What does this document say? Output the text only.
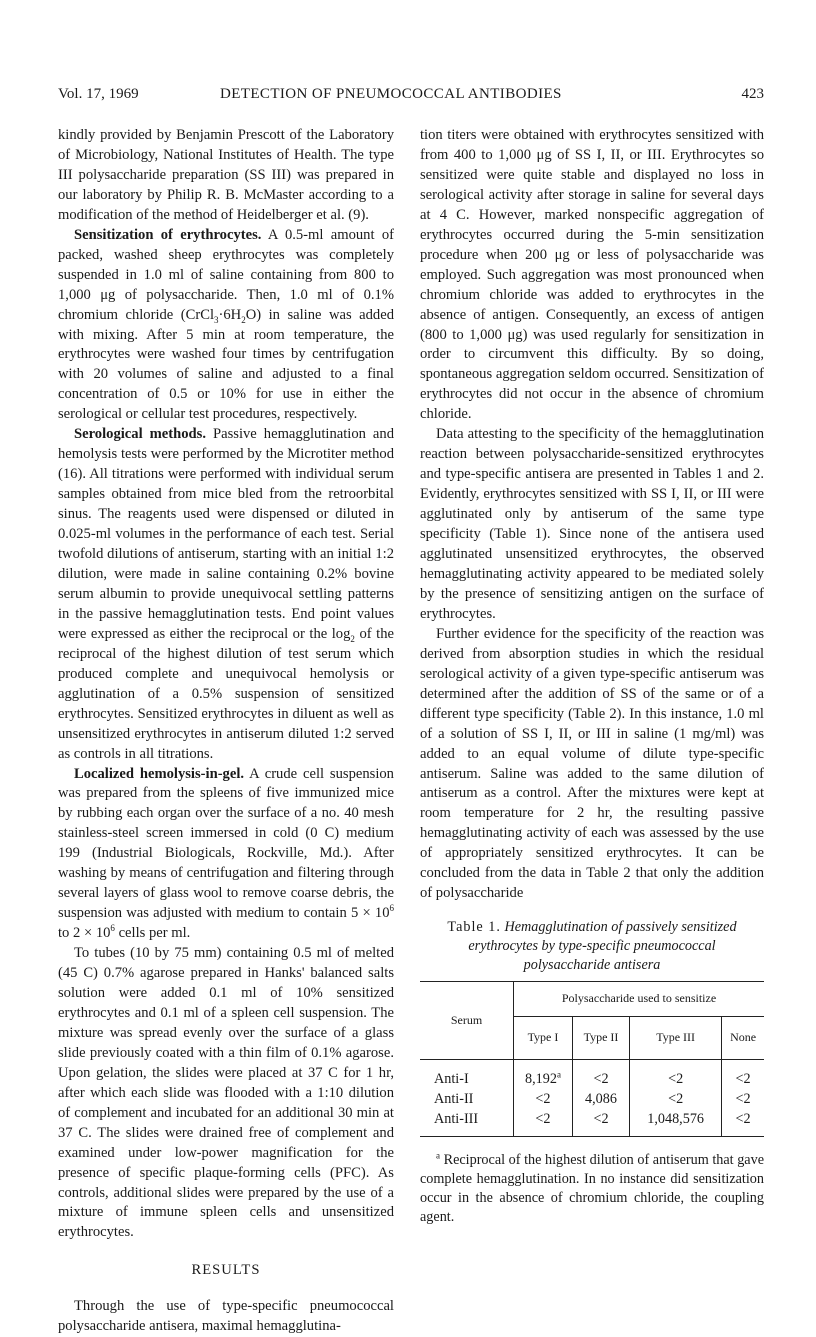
Vol. 17, 1969	DETECTION OF PNEUMOCOCCAL ANTIBODIES	423

kindly provided by Benjamin Prescott of the Laboratory of Microbiology, National Institutes of Health. The type III polysaccharide preparation (SS III) was prepared in our laboratory by Philip R. B. McMaster according to a modification of the method of Heidelberger et al. (9).

Sensitization of erythrocytes. A 0.5-ml amount of packed, washed sheep erythrocytes was completely suspended in 1.0 ml of saline containing from 800 to 1,000 μg of polysaccharide. Then, 1.0 ml of 0.1% chromium chloride $(CrCl_3\cdot 6H_2O)$ in saline was added with mixing. After 5 min at room temperature, the erythrocytes were washed four times by centrifugation with 20 volumes of saline and adjusted to a final concentration of 0.5 or 10% for use in either the serological or cellular test procedures, respectively.

Serological methods. Passive hemagglutination and hemolysis tests were performed by the Microtiter method (16). All titrations were performed with individual serum samples obtained from mice bled from the retroorbital sinus. The reagents used were dispensed or diluted in 0.025-ml volumes in the performance of each test. Serial twofold dilutions of antiserum, starting with an initial 1:2 dilution, were made in saline containing 0.2% bovine serum albumin to provide unequivocal settling patterns in the passive hemagglutination tests. End point values were expressed as either the reciprocal or the $\log_2$ of the reciprocal of the highest dilution of test serum which produced complete and unequivocal hemolysis or agglutination of a 0.5% suspension of sensitized erythrocytes. Sensitized erythrocytes in diluent as well as unsensitized erythrocytes in antiserum diluted 1:2 served as controls in all titrations.

Localized hemolysis-in-gel. A crude cell suspension was prepared from the spleens of five immunized mice by rubbing each organ over the surface of a no. 40 mesh stainless-steel screen immersed in cold (0 C) medium 199 (Industrial Biologicals, Rockville, Md.). After washing by means of centrifugation and filtering through several layers of glass wool to remove coarse debris, the suspension was adjusted with medium to contain $5 \times 10^6$ to $2 \times 10^6$ cells per ml.

To tubes (10 by 75 mm) containing 0.5 ml of melted (45 C) 0.7% agarose prepared in Hanks' balanced salts solution were added 0.1 ml of 10% sensitized erythrocytes and 0.1 ml of a spleen cell suspension. The mixture was spread evenly over the surface of a glass slide previously coated with a thin film of 0.1% agarose. Upon gelation, the slides were placed at 37 C for 1 hr, after which each slide was flooded with a 1:10 dilution of complement and incubated for an additional 30 min at 37 C. The slides were drained free of complement and examined under low-power magnification for the presence of specific plaque-forming cells (PFC). As controls, additional slides were prepared by the use of a mixture of immune spleen cells and unsensitized erythrocytes.

RESULTS

Through the use of type-specific pneumococcal polysaccharide antisera, maximal hemagglutina-

tion titers were obtained with erythrocytes sensitized with from 400 to 1,000 μg of SS I, II, or III. Erythrocytes so sensitized were quite stable and displayed no loss in serological activity after storage in saline for several days at 4 C. However, marked nonspecific aggregation of erythrocytes occurred during the 5-min sensitization procedure when 200 μg or less of polysaccharide was employed. Such aggregation was most pronounced when chromium chloride was added to erythrocytes in the absence of antigen. Consequently, an excess of antigen (800 to 1,000 μg) was used regularly for sensitization in order to circumvent this difficulty. By so doing, spontaneous aggregation seldom occurred. Sensitization of erythrocytes did not occur in the absence of chromium chloride.

Data attesting to the specificity of the hemagglutination reaction between polysaccharide-sensitized erythrocytes and type-specific antisera are presented in Tables 1 and 2. Evidently, erythrocytes sensitized with SS I, II, or III were agglutinated only by antiserum of the same type specificity (Table 1). Since none of the antisera used agglutinated unsensitized erythrocytes, the observed hemagglutinating activity appeared to be mediated solely by the presence of sensitizing antigen on the surface of erythrocytes.

Further evidence for the specificity of the reaction was derived from absorption studies in which the residual serological activity of a given type-specific antiserum was determined after the addition of SS of the same or of a different type specificity (Table 2). In this instance, 1.0 ml of a solution of SS I, II, or III in saline (1 mg/ml) was added to an equal volume of dilute type-specific antiserum. Saline was added to the same dilution of antiserum as a control. After the mixtures were kept at room temperature for 2 hr, the resulting passive hemagglutinating activity of each was assessed by the use of appropriately sensitized erythrocytes. It can be concluded from the data in Table 2 that only the addition of polysaccharide

Table 1. Hemagglutination of passively sensitized erythrocytes by type-specific pneumococcal polysaccharide antisera
Serum	Polysaccharide used to sensitize			
	Type I	Type II	Type III	None
Anti-I	8,192$^a$	<2	<2	<2
Anti-II	<2	4,086	<2	<2
Anti-III	<2	<2	1,048,576	<2
$^a$ Reciprocal of the highest dilution of antiserum that gave complete hemagglutination. In no instance did sensitization occur in the absence of chromium chloride, the coupling agent.
